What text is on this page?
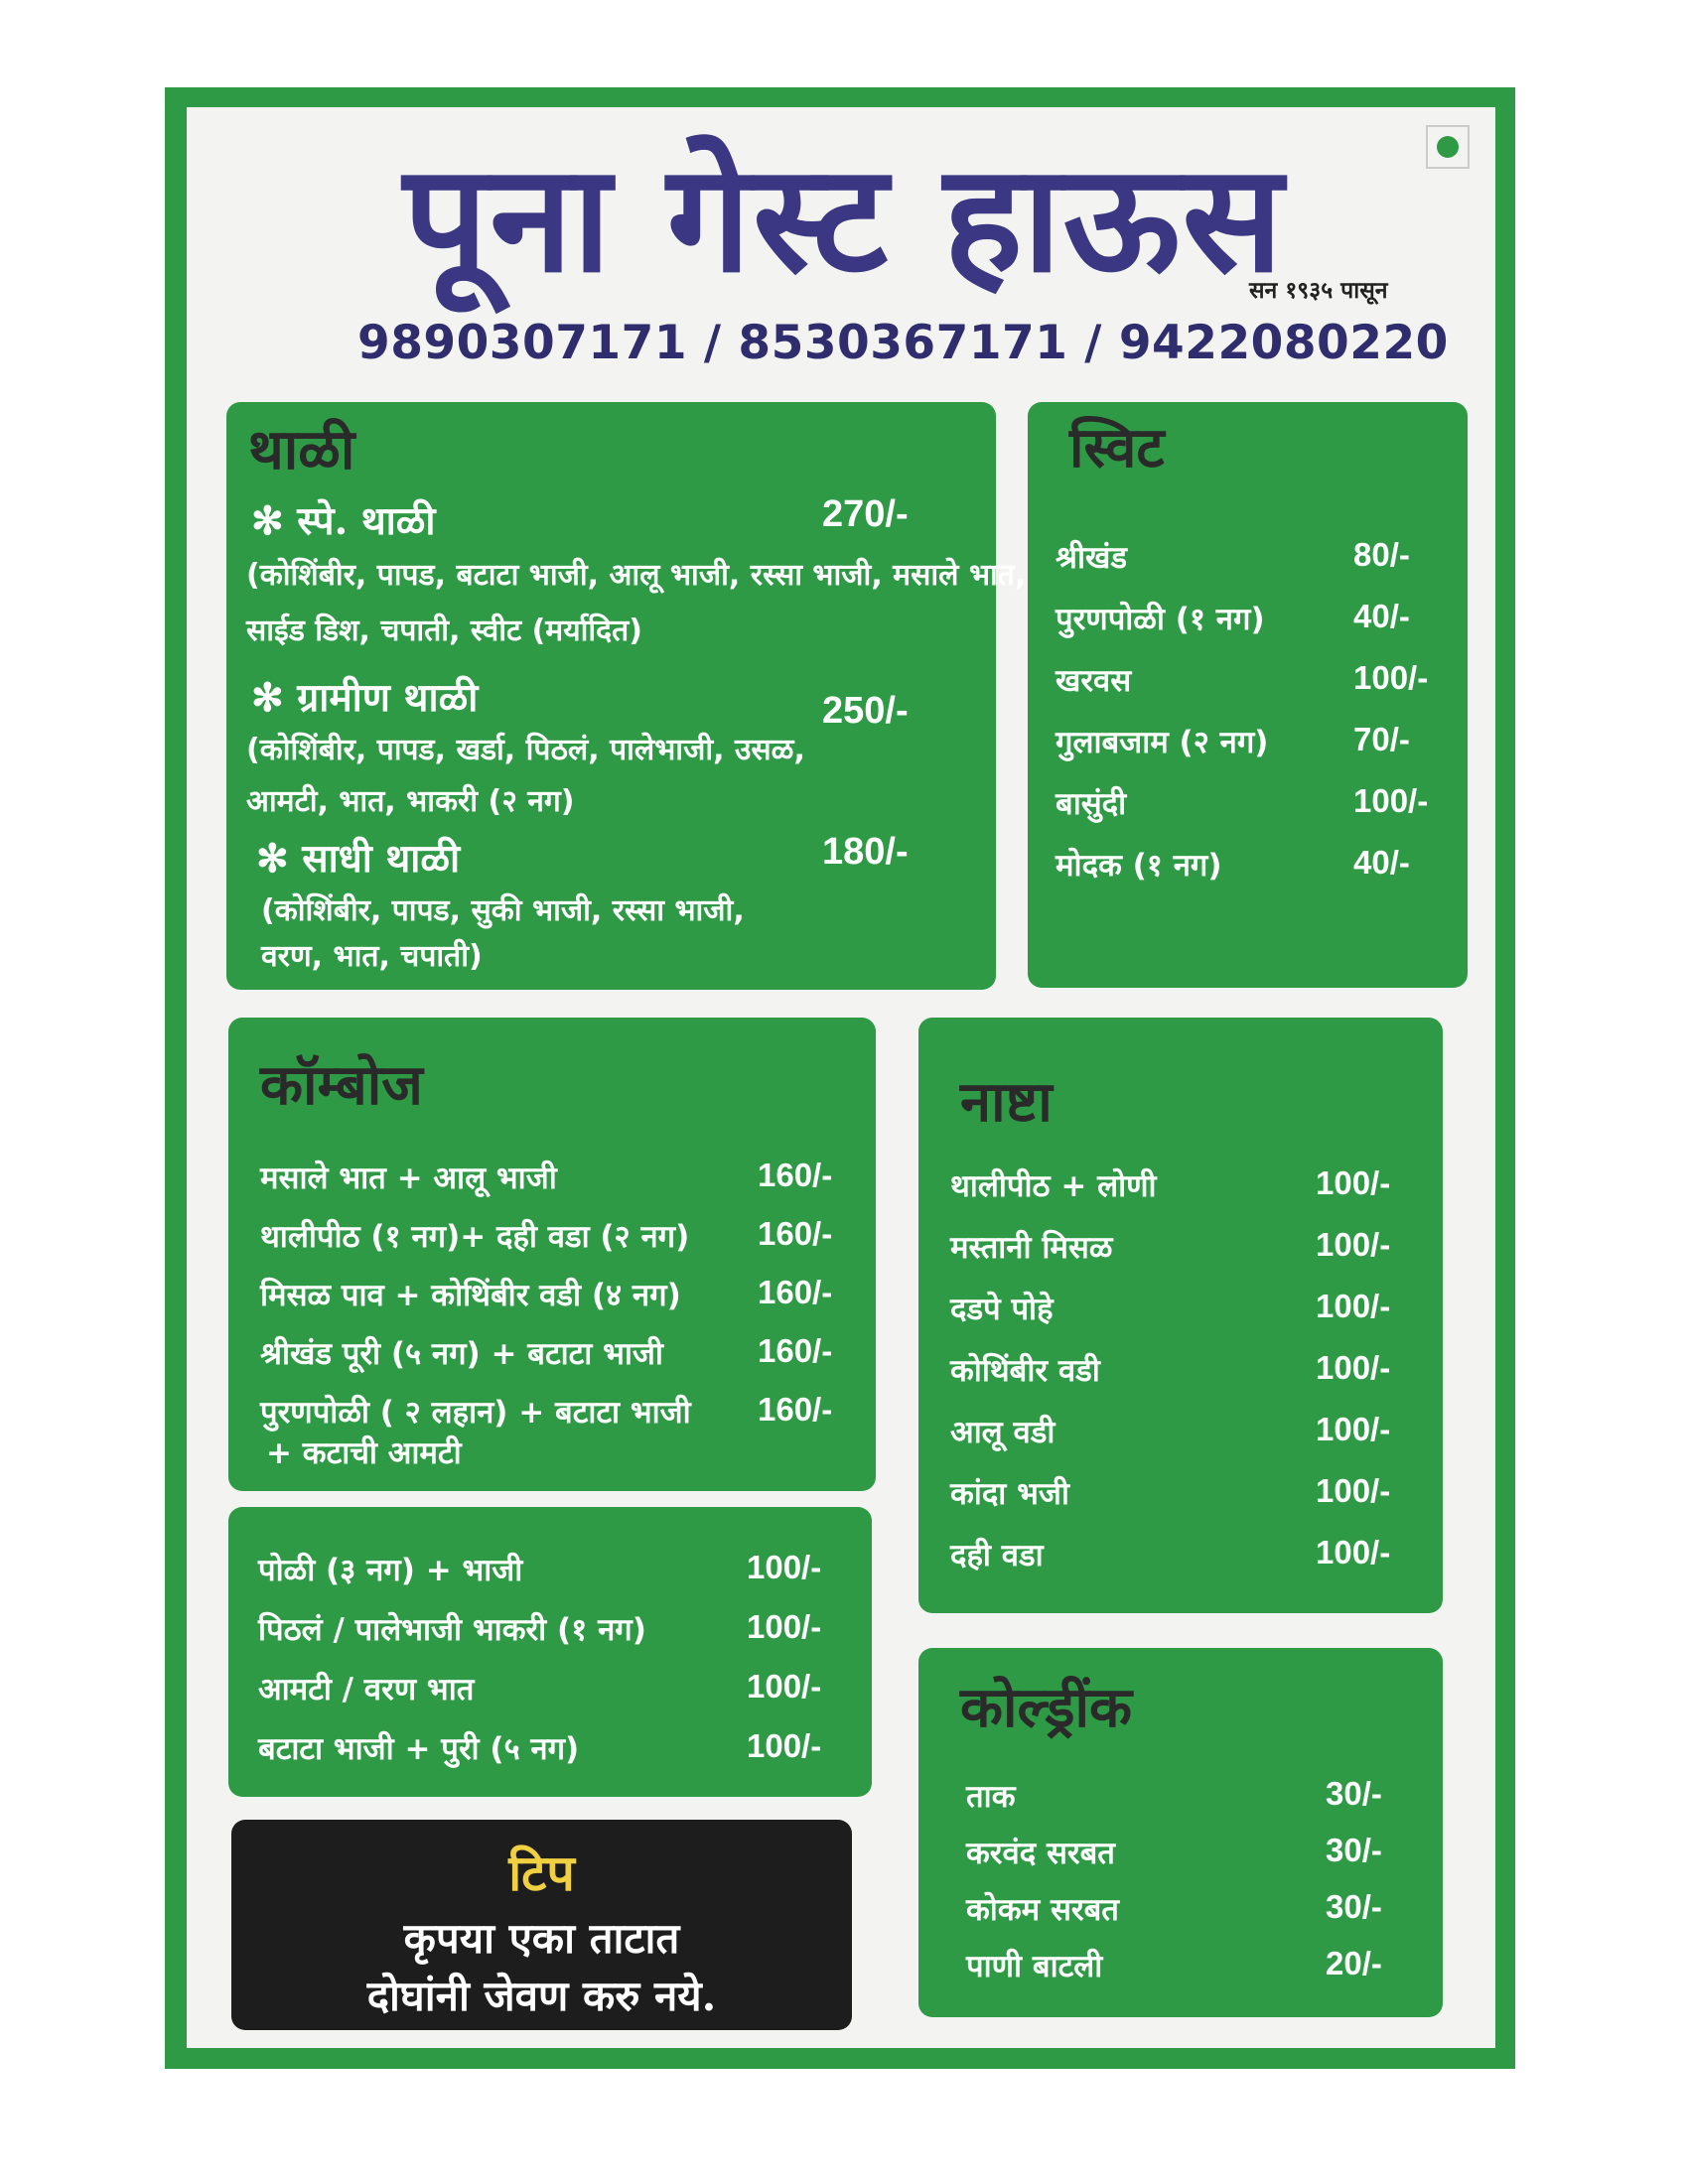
पूना गेस्ट हाऊस
सन १९३५ पासून
9890307171 / 8530367171 / 9422080220
थाळी
✻ स्पे. थाळी	270/-
(कोशिंबीर, पापड, बटाटा भाजी, आलू भाजी, रस्सा भाजी, मसाले भात,
साईड डिश, चपाती, स्वीट (मर्यादित)
✻ ग्रामीण थाळी	250/-
(कोशिंबीर, पापड, खर्डा, पिठलं, पालेभाजी, उसळ,
आमटी, भात, भाकरी (२ नग)
✻ साधी थाळी	180/-
(कोशिंबीर, पापड, सुकी भाजी, रस्सा भाजी,
वरण, भात, चपाती)
स्विट
श्रीखंड	80/-
पुरणपोळी (१ नग)	40/-
खरवस	100/-
गुलाबजाम (२ नग)	70/-
बासुंदी	100/-
मोदक (१ नग)	40/-
कॉम्बोज
मसाले भात + आलू भाजी	160/-
थालीपीठ (१ नग)+ दही वडा (२ नग) 160/-
मिसळ पाव + कोथिंबीर वडी (४ नग) 160/-
श्रीखंड पूरी (५ नग) + बटाटा भाजी	160/-
पुरणपोळी ( २ लहान) + बटाटा भाजी 160/-
+ कटाची आमटी
पोळी (३ नग) + भाजी	100/-
पिठलं / पालेभाजी भाकरी (१ नग)	100/-
आमटी / वरण भात	100/-
बटाटा भाजी + पुरी (५ नग)	100/-
टिप
कृपया एका ताटात
दोघांनी जेवण करु नये.
नाष्टा
थालीपीठ + लोणी	100/-
मस्तानी मिसळ	100/-
दडपे पोहे	100/-
कोथिंबीर वडी	100/-
आलू वडी	100/-
कांदा भजी	100/-
दही वडा	100/-
कोल्ड्रींक
ताक	30/-
करवंद सरबत	30/-
कोकम सरबत	30/-
पाणी बाटली	20/-
